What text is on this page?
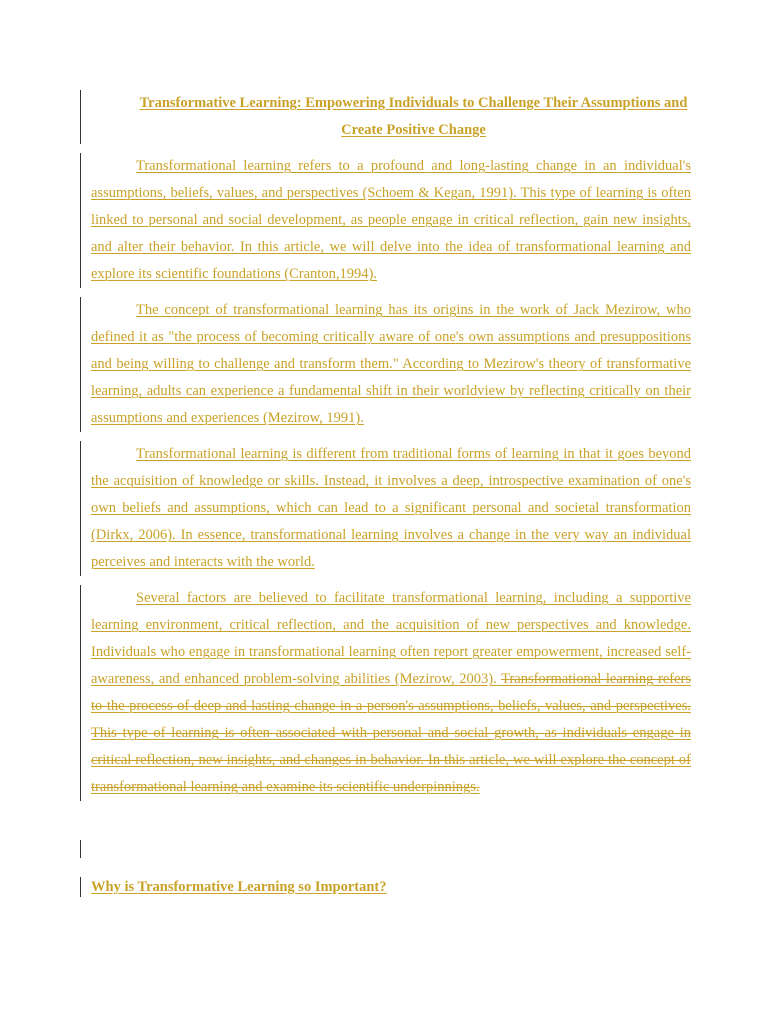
Transformative Learning: Empowering Individuals to Challenge Their Assumptions and Create Positive Change

Transformational learning refers to a profound and long-lasting change in an individual's assumptions, beliefs, values, and perspectives (Schoem & Kegan, 1991). This type of learning is often linked to personal and social development, as people engage in critical reflection, gain new insights, and alter their behavior. In this article, we will delve into the idea of transformational learning and explore its scientific foundations (Cranton,1994).

The concept of transformational learning has its origins in the work of Jack Mezirow, who defined it as "the process of becoming critically aware of one's own assumptions and presuppositions and being willing to challenge and transform them." According to Mezirow's theory of transformative learning, adults can experience a fundamental shift in their worldview by reflecting critically on their assumptions and experiences (Mezirow, 1991).

Transformational learning is different from traditional forms of learning in that it goes beyond the acquisition of knowledge or skills. Instead, it involves a deep, introspective examination of one's own beliefs and assumptions, which can lead to a significant personal and societal transformation (Dirkx, 2006). In essence, transformational learning involves a change in the very way an individual perceives and interacts with the world.

Several factors are believed to facilitate transformational learning, including a supportive learning environment, critical reflection, and the acquisition of new perspectives and knowledge. Individuals who engage in transformational learning often report greater empowerment, increased self-awareness, and enhanced problem-solving abilities (Mezirow, 2003). Transformational learning refers to the process of deep and lasting change in a person's assumptions, beliefs, values, and perspectives. This type of learning is often associated with personal and social growth, as individuals engage in critical reflection, new insights, and changes in behavior. In this article, we will explore the concept of transformational learning and examine its scientific underpinnings.

Why is Transformative Learning so Important?
